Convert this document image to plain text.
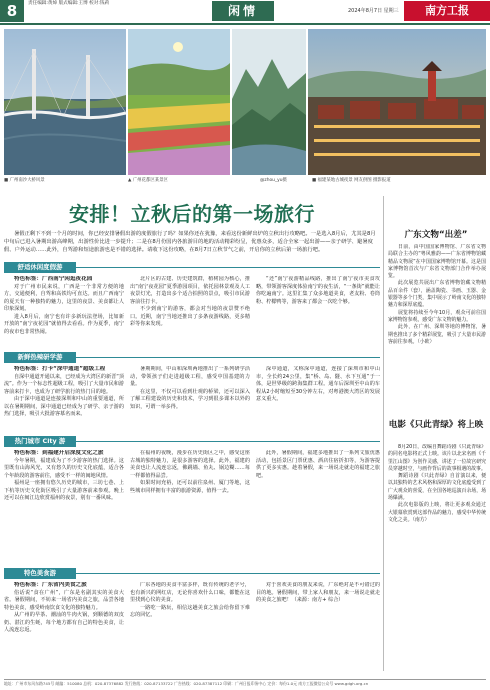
8	责任编辑:黄焯 版式编辑:王博 校对:钱莉
闲情	2024年8月7日 星期三	南方工报
■ 广州南沙大桥风景	▲ 广州花都区某景区	@zhou_yu摄	■ 福建某地古城夜景 网友供图 摄影报道
安排！立秋后的第一场旅行
暑假正剩下不到一个月的时间，你已经安排暑假出游的度假旅行了吗？如果你还在犹豫，来看这份新鲜出炉的立秋出行攻略吧。一是选入8月后，尤其是8月中旬后已进入暑期出游高峰期，出游性价比进一步提升；二是在8月份国内各旅游目的地的活动精彩纷呈，优惠众多，适合全家一起出游——亲子研学、避暑度假、户外运动……此外，自驾游和短途旅游也是不错的选择。请收下这份攻略，在8月7日立秋节气之前，开启你的立秋后第一场旅行吧。
舒适休闲度假游

特色标签：广西南宁闲逛夜花园

对于广州市民来说，广西是一个非常方便的地方，交通便利，自驾和高铁均可直达。而且广西南宁的夏天有一种独特的魅力，这里的夜景、美食都让人印象深刻。

进入8月后，南宁也有许多新玩法登场，比如新开放的“南宁夜花园”就值得去看看。作为夏季，南宁的夜市也非常热闹。

北片区的古建、历史建筑群，植树园为核心，推出“南宁夜花园”夏季游园项目，依托园林景观及人工夜景灯光，打造出多个适合拍照的景点，吸引市民游客前往打卡。

不少到南宁的游客，都会对当地的夜景赞不绝口。近期，南宁当地还推出了多条夜游线路，更多精彩等你来发现。

“还”南宁夜游精品线路，推出了南宁夜市美食攻略，带领游客深度体验南宁的夜生活，“一条街”就能让你吃遍南宁。这里汇集了众多地道美食，老友粉、卷筒粉、柠檬鸭等，游客来了都会一次吃个够。

新鲜热辣研学游

特色标签：打卡“深中通道”超级工程

自深中通道开通以来，已经成为大湾区的新晋“顶流”。作为一个标志性超级工程，吸引了大量市民和游客前来打卡，也成为了研学旅行的热门目的地。

由于深中通道是连接深圳和中山的重要通道，所以在暑期期间，深中通道已经成为了研学、亲子游的热门选择，吸引大批游客慕名而来。

暑期期间，中山和深圳两地推出了一系列研学活动，带领孩子们走进超级工程，感受中国基建的力量。

在这里，不仅可以看到壮观的桥梁，还可以深入了解工程建设的历史和技术，学习到很多课本以外的知识，可谓一举多得。

深中通道，又称深中通道，连接了深圳市和中山市，全长约24公里，集“桥、岛、隧、水下互通”于一体，是世界级的跨海集群工程。通车后深圳至中山的车程从2小时缩短至30分钟左右，对粤港澳大湾区的发展意义重大。

热门城市 City 游

特色标签：到福建开启深度文化之旅

今年暑期，福建成为了不少游客的热门选择。这里既有山海风光，又有悠久的历史文化底蕴，适合各个年龄段的游客前往，感受不一样的闽地风情。

福州是一座拥有悠久历史的城市，三坊七巷、上下杭等历史文化街区吸引了大量游客前来参观。晚上还可以在闽江边欣赏福州的夜景，别有一番风味。

在福州的夜晚，漫步在历史街区之中，感受这座古城的独特魅力，是很多游客的选择。此外，福建的美食也让人流连忘返，佛跳墙、鱼丸、锅边糊……每一样都值得品尝。

如果时间充裕，还可以前往泉州、厦门等地，这些城市同样拥有丰富的旅游资源，值得一去。

此外，暑假期间，福建多地推出了一系列文旅优惠活动，包括景区门票优惠、酒店住宿折扣等，为游客提供了更多实惠。趁着暑假，来一场说走就走的福建之旅吧。

特色美食游

特色标签：广东省内美食之旅

俗话说“食在广州”，广东是名副其实的美食大省。暑假期间，不妨来一场省内美食之旅，品尝各地特色美食，感受岭南饮食文化的独特魅力。

从广州的早茶、潮汕的牛肉火锅，到顺德的双皮奶、湛江的生蚝，每个地方都有自己的特色美食，让人流连忘返。

广东各地的美食丰富多样，既有传统的老字号，也有新兴的网红店，无论你喜欢什么口味，都能在这里找到心仪的美食。

一路吃一路玩，相信这趟美食之旅会给你留下难忘的回忆。

对于喜欢美食的朋友来说，广东绝对是不可错过的目的地。暑假期间，带上家人和朋友，来一场说走就走的美食之旅吧！（来源：南方+ 综合）

广东文物“出差”

日前，由中国国家博物馆、广东省文物局联合主办的“粤风雅韵——广东省博物馆藏精品文物展”在中国国家博物馆开幕。这是国家博物馆首次与广东省文物部门合作举办展览。

此次展览共展出广东省博物馆藏文物精品百余件（套），涵盖陶瓷、书画、玉器、金银器等多个门类，集中展示了岭南文化的独特魅力和深厚底蕴。

展览将持续至今年10月，观众可前往国家博物馆参观，感受广东文物的魅力。

此外，在广州、深圳等地的博物馆，暑期也推出了多个精彩展览，吸引了大量市民游客前往参观。（小欧）

电影《只此青绿》将上映

8月20日，改编自舞蹈诗剧《只此青绿》的同名电影将正式上映。该片以北宋名画《千里江山图》为创作灵感，讲述了一位故宫研究员穿越时空，与画作背后的故事相遇的故事。

舞蹈诗剧《只此青绿》自首演以来，便以其独特的艺术风格和深厚的文化底蕴受到了广大观众的喜爱，在全国各地巡演百余场，场场爆满。

此次电影版的上映，将让更多观众通过大银幕欣赏到这部作品的魅力，感受中华传统文化之美。（南方）

地址：广州市东风东路745号 邮编：510080 总机：020-87376882 发行热线：020-87133722 广告热线：020-87387112 印刷：广州日报印务中心 定价：每份1.0元 南方工报微信公众号 www.gdgh.org.cn
